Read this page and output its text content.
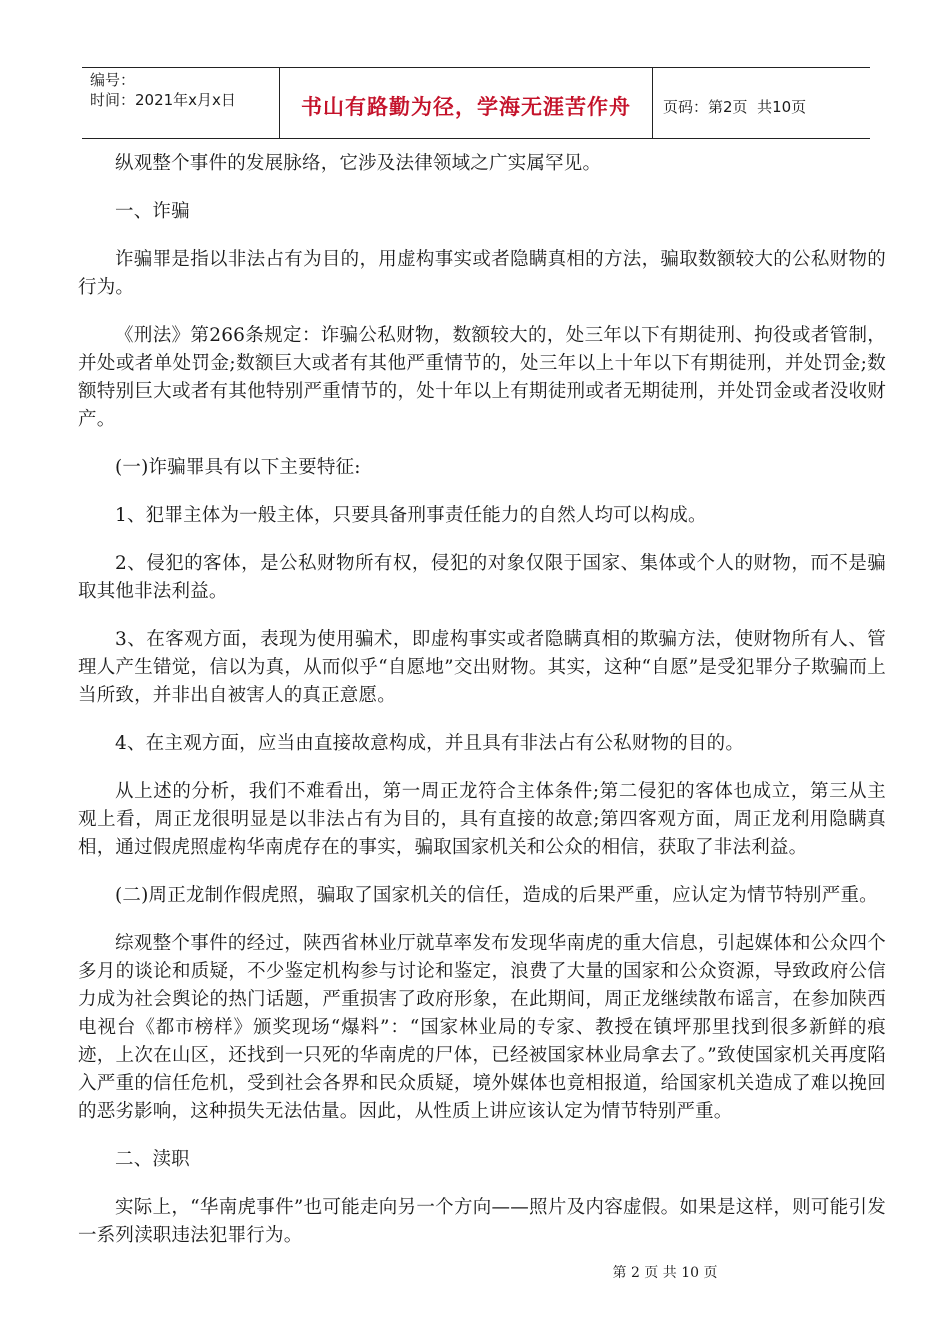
编号：
时间：2021年x月x日	书山有路勤为径，学海无涯苦作舟 页码：第2页  共10页

纵观整个事件的发展脉络，它涉及法律领域之广实属罕见。

一、诈骗

诈骗罪是指以非法占有为目的，用虚构事实或者隐瞒真相的方法，骗取数额较大的公私财物的行为。

《刑法》第266条规定：诈骗公私财物，数额较大的，处三年以下有期徒刑、拘役或者管制，并处或者单处罚金;数额巨大或者有其他严重情节的，处三年以上十年以下有期徒刑，并处罚金;数额特别巨大或者有其他特别严重情节的，处十年以上有期徒刑或者无期徒刑，并处罚金或者没收财产。

(一)诈骗罪具有以下主要特征:

1、犯罪主体为一般主体，只要具备刑事责任能力的自然人均可以构成。

2、侵犯的客体，是公私财物所有权，侵犯的对象仅限于国家、集体或个人的财物，而不是骗取其他非法利益。

3、在客观方面，表现为使用骗术，即虚构事实或者隐瞒真相的欺骗方法，使财物所有人、管理人产生错觉，信以为真，从而似乎“自愿地”交出财物。其实，这种“自愿”是受犯罪分子欺骗而上当所致，并非出自被害人的真正意愿。

4、在主观方面，应当由直接故意构成，并且具有非法占有公私财物的目的。

从上述的分析，我们不难看出，第一周正龙符合主体条件;第二侵犯的客体也成立，第三从主观上看，周正龙很明显是以非法占有为目的，具有直接的故意;第四客观方面，周正龙利用隐瞒真相，通过假虎照虚构华南虎存在的事实，骗取国家机关和公众的相信，获取了非法利益。

(二)周正龙制作假虎照，骗取了国家机关的信任，造成的后果严重，应认定为情节特别严重。

综观整个事件的经过，陕西省林业厅就草率发布发现华南虎的重大信息，引起媒体和公众四个多月的谈论和质疑，不少鉴定机构参与讨论和鉴定，浪费了大量的国家和公众资源，导致政府公信力成为社会舆论的热门话题，严重损害了政府形象，在此期间，周正龙继续散布谣言，在参加陕西电视台《都市榜样》颁奖现场“爆料”：“国家林业局的专家、教授在镇坪那里找到很多新鲜的痕迹，上次在山区，还找到一只死的华南虎的尸体，已经被国家林业局拿去了。”致使国家机关再度陷入严重的信任危机，受到社会各界和民众质疑，境外媒体也竟相报道，给国家机关造成了难以挽回的恶劣影响，这种损失无法估量。因此，从性质上讲应该认定为情节特别严重。

二、渎职

实际上，“华南虎事件”也可能走向另一个方向——照片及内容虚假。如果是这样，则可能引发一系列渎职违法犯罪行为。

第 2 页 共 10 页
